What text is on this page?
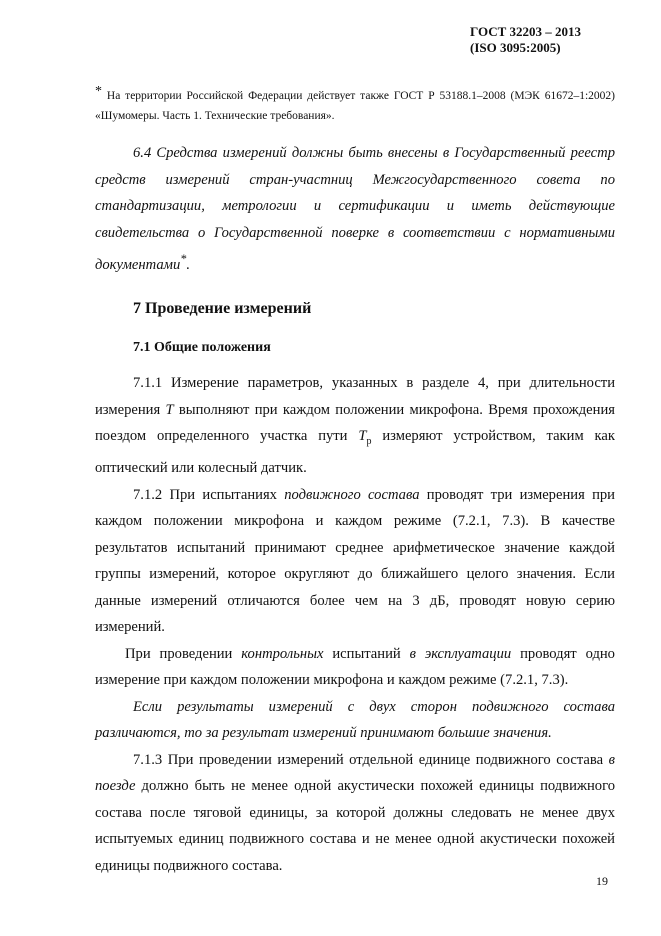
ГОСТ 32203 – 2013
(ISO 3095:2005)
* На территории Российской Федерации действует также ГОСТ Р 53188.1–2008 (МЭК 61672–1:2002) «Шумомеры. Часть 1. Технические требования».

6.4 Средства измерений должны быть внесены в Государственный реестр средств измерений стран-участниц Межгосударственного совета по стандартизации, метрологии и сертификации и иметь действующие свидетельства о Государственной поверке в соответствии с нормативными документами*.

7 Проведение измерений
7.1 Общие положения

7.1.1 Измерение параметров, указанных в разделе 4, при длительности измерения T выполняют при каждом положении микрофона. Время прохождения поездом определенного участка пути $T_p$ измеряют устройством, таким как оптический или колесный датчик.

7.1.2 При испытаниях подвижного состава проводят три измерения при каждом положении микрофона и каждом режиме (7.2.1, 7.3). В качестве результатов испытаний принимают среднее арифметическое значение каждой группы измерений, которое округляют до ближайшего целого значения. Если данные измерений отличаются более чем на 3 дБ, проводят новую серию измерений.

При проведении контрольных испытаний в эксплуатации проводят одно измерение при каждом положении микрофона и каждом режиме (7.2.1, 7.3).

Если результаты измерений с двух сторон подвижного состава различаются, то за результат измерений принимают большие значения.

7.1.3 При проведении измерений отдельной единице подвижного состава в поезде должно быть не менее одной акустически похожей единицы подвижного состава после тяговой единицы, за которой должны следовать не менее двух испытуемых единиц подвижного состава и не менее одной акустически похожей единицы подвижного состава.

19
